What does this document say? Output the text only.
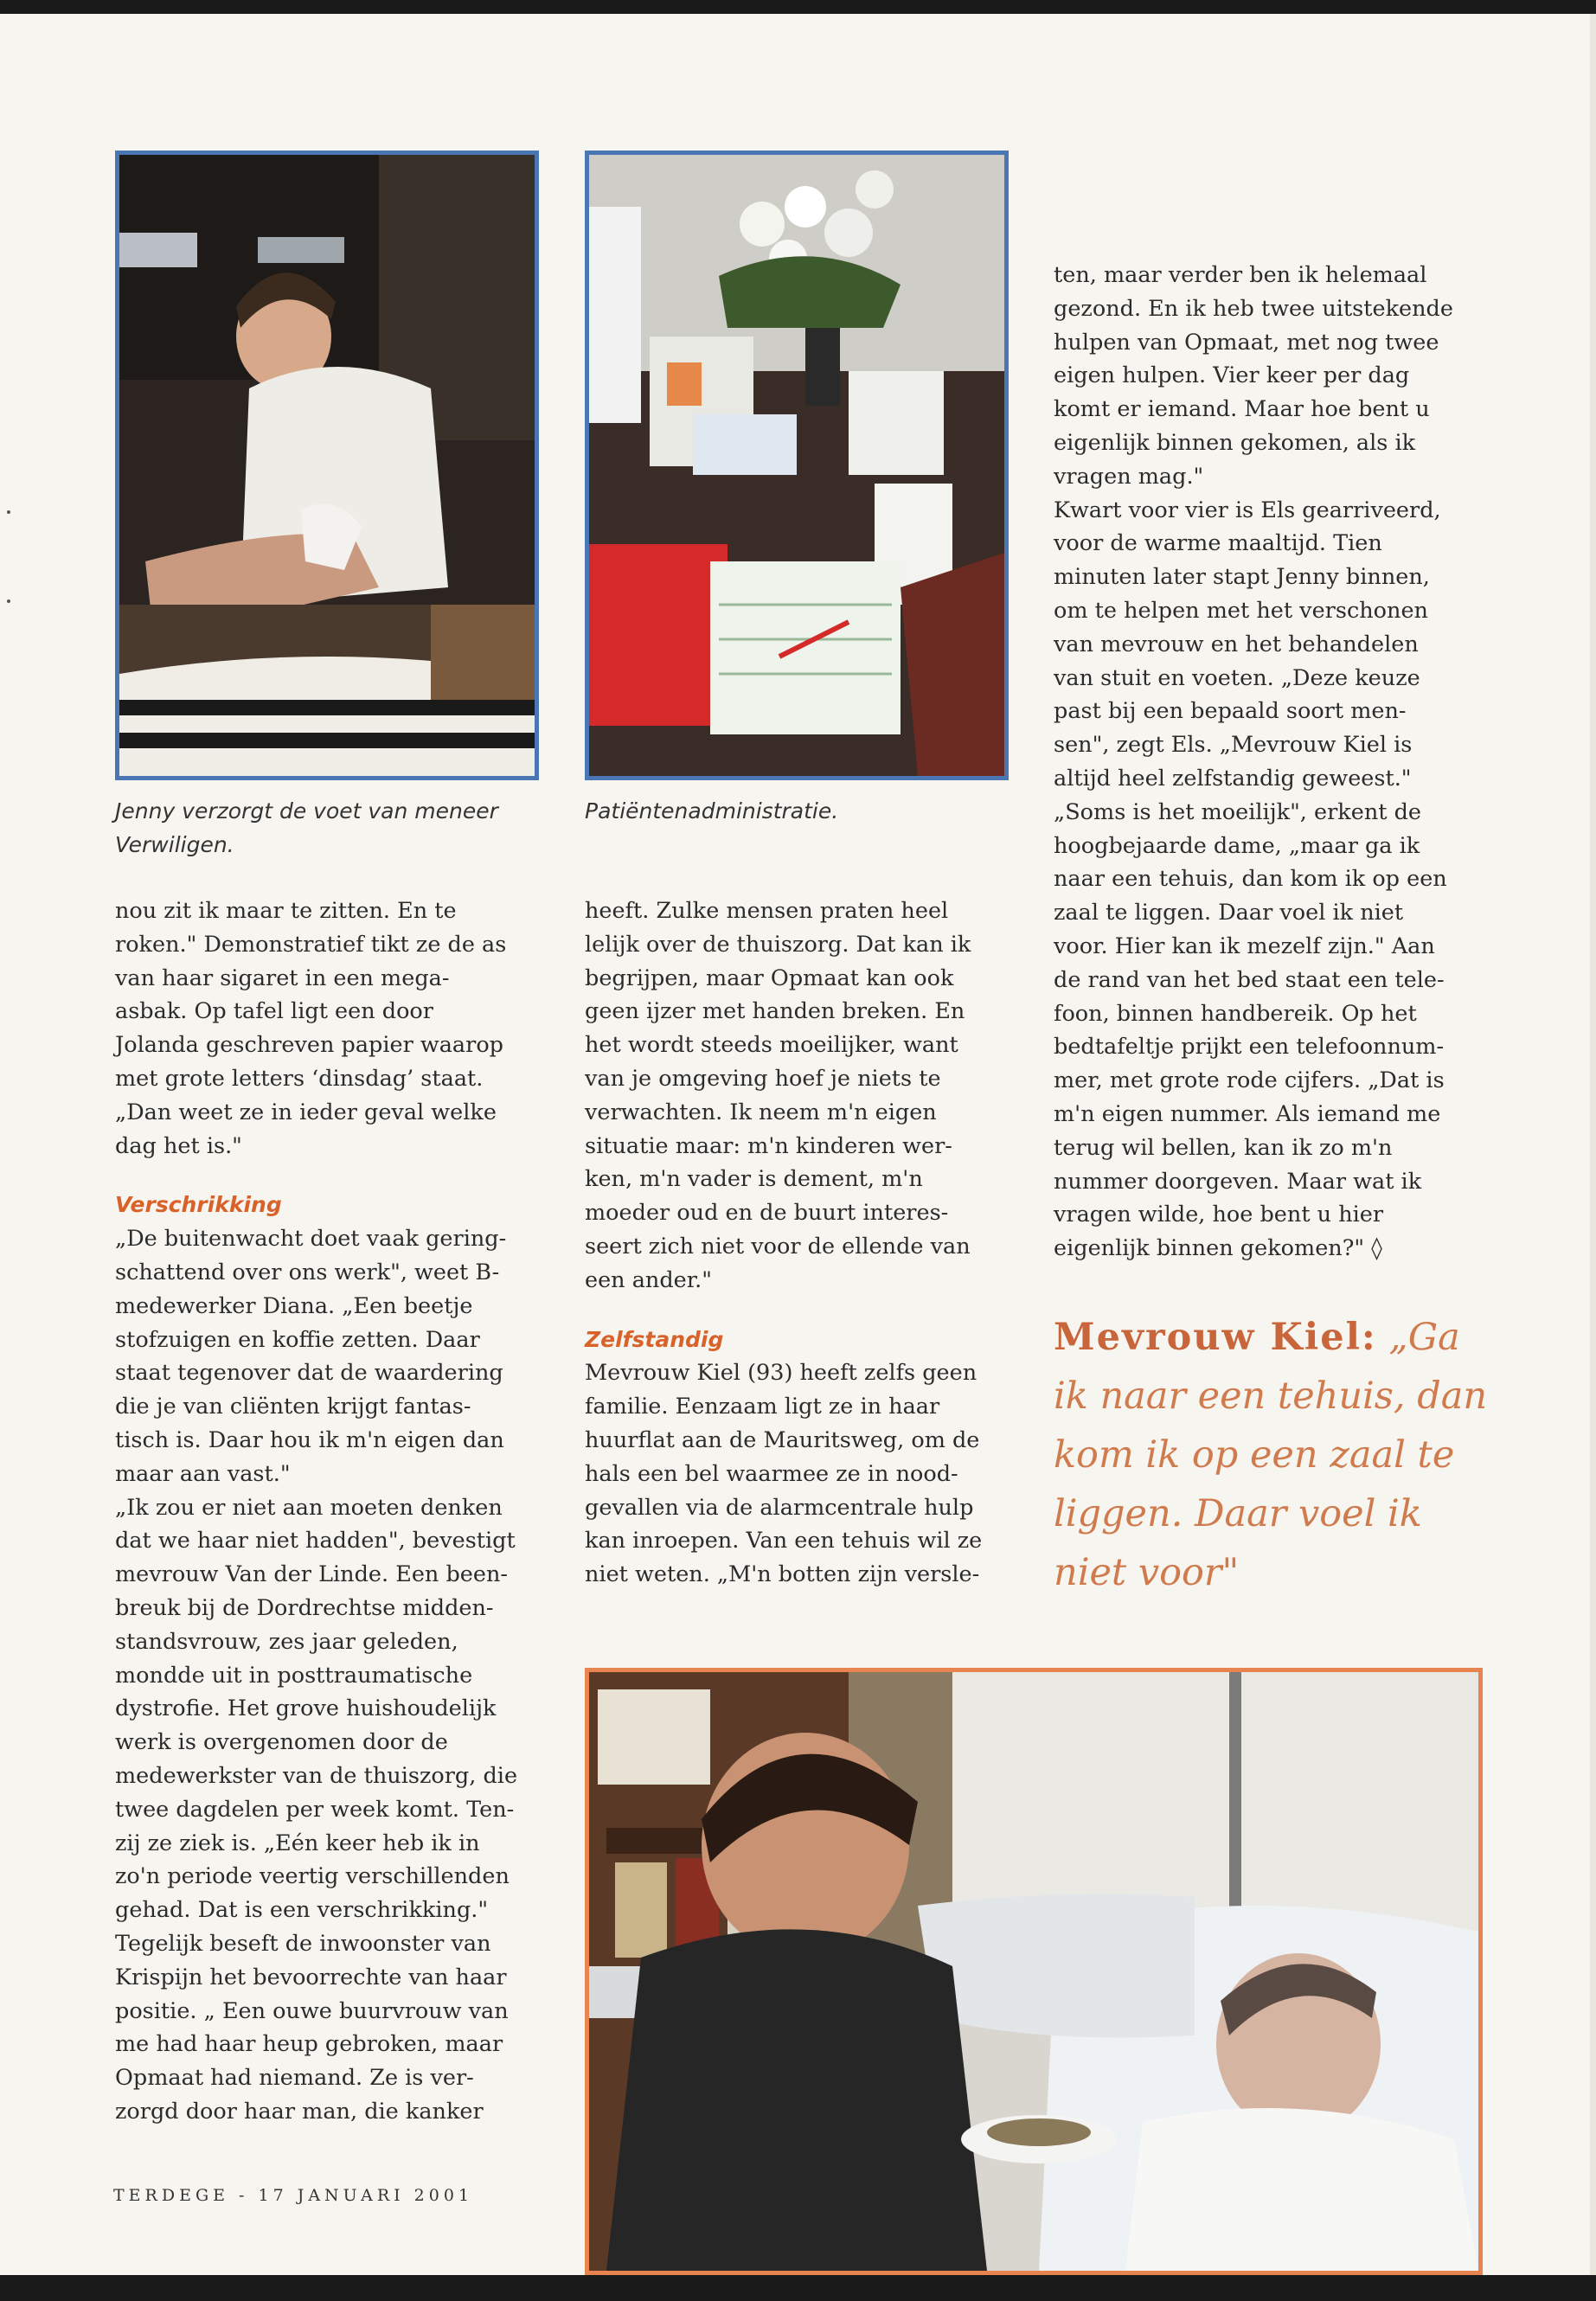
Jenny verzorgt de voet van meneer
Verwiligen.

Patiëntenadministratie.

nou zit ik maar te zitten. En te
roken." Demonstratief tikt ze de as
van haar sigaret in een mega-
asbak. Op tafel ligt een door
Jolanda geschreven papier waarop
met grote letters ‘dinsdag’ staat.
„Dan weet ze in ieder geval welke
dag het is."

Verschrikking

„De buitenwacht doet vaak gering-
schattend over ons werk", weet B-
medewerker Diana. „Een beetje
stofzuigen en koffie zetten. Daar
staat tegenover dat de waardering
die je van cliënten krijgt fantas-
tisch is. Daar hou ik m'n eigen dan
maar aan vast."
„Ik zou er niet aan moeten denken
dat we haar niet hadden", bevestigt
mevrouw Van der Linde. Een been-
breuk bij de Dordrechtse midden-
standsvrouw, zes jaar geleden,
mondde uit in posttraumatische
dystrofie. Het grove huishoudelijk
werk is overgenomen door de
medewerkster van de thuiszorg, die
twee dagdelen per week komt. Ten-
zij ze ziek is. „Eén keer heb ik in
zo'n periode veertig verschillenden
gehad. Dat is een verschrikking."
Tegelijk beseft de inwoonster van
Krispijn het bevoorrechte van haar
positie. „ Een ouwe buurvrouw van
me had haar heup gebroken, maar
Opmaat had niemand. Ze is ver-
zorgd door haar man, die kanker

heeft. Zulke mensen praten heel
lelijk over de thuiszorg. Dat kan ik
begrijpen, maar Opmaat kan ook
geen ijzer met handen breken. En
het wordt steeds moeilijker, want
van je omgeving hoef je niets te
verwachten. Ik neem m'n eigen
situatie maar: m'n kinderen wer-
ken, m'n vader is dement, m'n
moeder oud en de buurt interes-
seert zich niet voor de ellende van
een ander."

Zelfstandig

Mevrouw Kiel (93) heeft zelfs geen
familie. Eenzaam ligt ze in haar
huurflat aan de Mauritsweg, om de
hals een bel waarmee ze in nood-
gevallen via de alarmcentrale hulp
kan inroepen. Van een tehuis wil ze
niet weten. „M'n botten zijn versle-

ten, maar verder ben ik helemaal
gezond. En ik heb twee uitstekende
hulpen van Opmaat, met nog twee
eigen hulpen. Vier keer per dag
komt er iemand. Maar hoe bent u
eigenlijk binnen gekomen, als ik
vragen mag."
Kwart voor vier is Els gearriveerd,
voor de warme maaltijd. Tien
minuten later stapt Jenny binnen,
om te helpen met het verschonen
van mevrouw en het behandelen
van stuit en voeten. „Deze keuze
past bij een bepaald soort men-
sen", zegt Els. „Mevrouw Kiel is
altijd heel zelfstandig geweest."
„Soms is het moeilijk", erkent de
hoogbejaarde dame, „maar ga ik
naar een tehuis, dan kom ik op een
zaal te liggen. Daar voel ik niet
voor. Hier kan ik mezelf zijn." Aan
de rand van het bed staat een tele-
foon, binnen handbereik. Op het
bedtafeltje prijkt een telefoonnum-
mer, met grote rode cijfers. „Dat is
m'n eigen nummer. Als iemand me
terug wil bellen, kan ik zo m'n
nummer doorgeven. Maar wat ik
vragen wilde, hoe bent u hier
eigenlijk binnen gekomen?" ◊

Mevrouw Kiel: „Ga ik naar een tehuis, dan kom ik op een zaal te liggen. Daar voel ik niet voor"
TERDEGE - 17 JANUARI 2001
